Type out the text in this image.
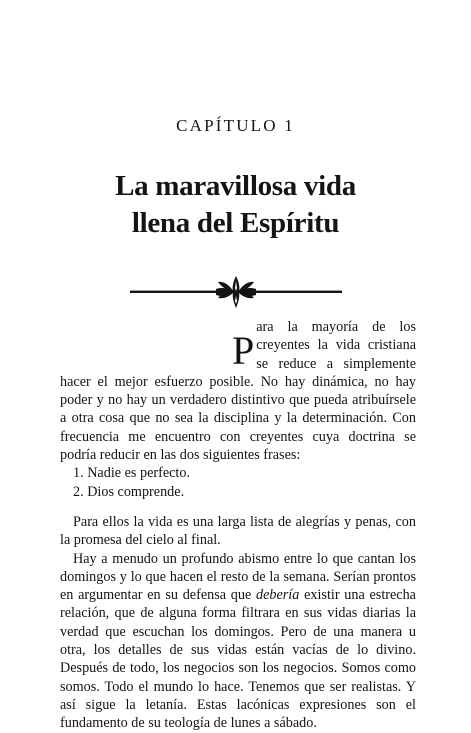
CAPÍTULO 1
La maravillosa vida
llena del Espíritu

P
ara la mayoría de los creyentes la vida cristiana se reduce a simplemente hacer el mejor esfuerzo posible. No hay dinámica, no hay poder y no hay un verdadero distintivo que pueda atribuírsele a otra cosa que no sea la disciplina y la determinación. Con frecuencia me encuentro con creyentes cuya doctrina se podría reducir en las dos siguientes frases:

1. Nadie es perfecto.
2. Dios comprende.

Para ellos la vida es una larga lista de alegrías y penas, con la promesa del cielo al final.

Hay a menudo un profundo abismo entre lo que cantan los domingos y lo que hacen el resto de la semana. Serían prontos en argumentar en su defensa que debería existir una estrecha relación, que de alguna forma filtrara en sus vidas diarias la verdad que escuchan los domingos. Pero de una manera u otra, los detalles de sus vidas están vacías de lo divino. Después de todo, los negocios son los negocios. Somos como somos. Todo el mundo lo hace. Tenemos que ser realistas. Y así sigue la letanía. Estas lacónicas expresiones son el fundamento de su teología de lunes a sábado.
